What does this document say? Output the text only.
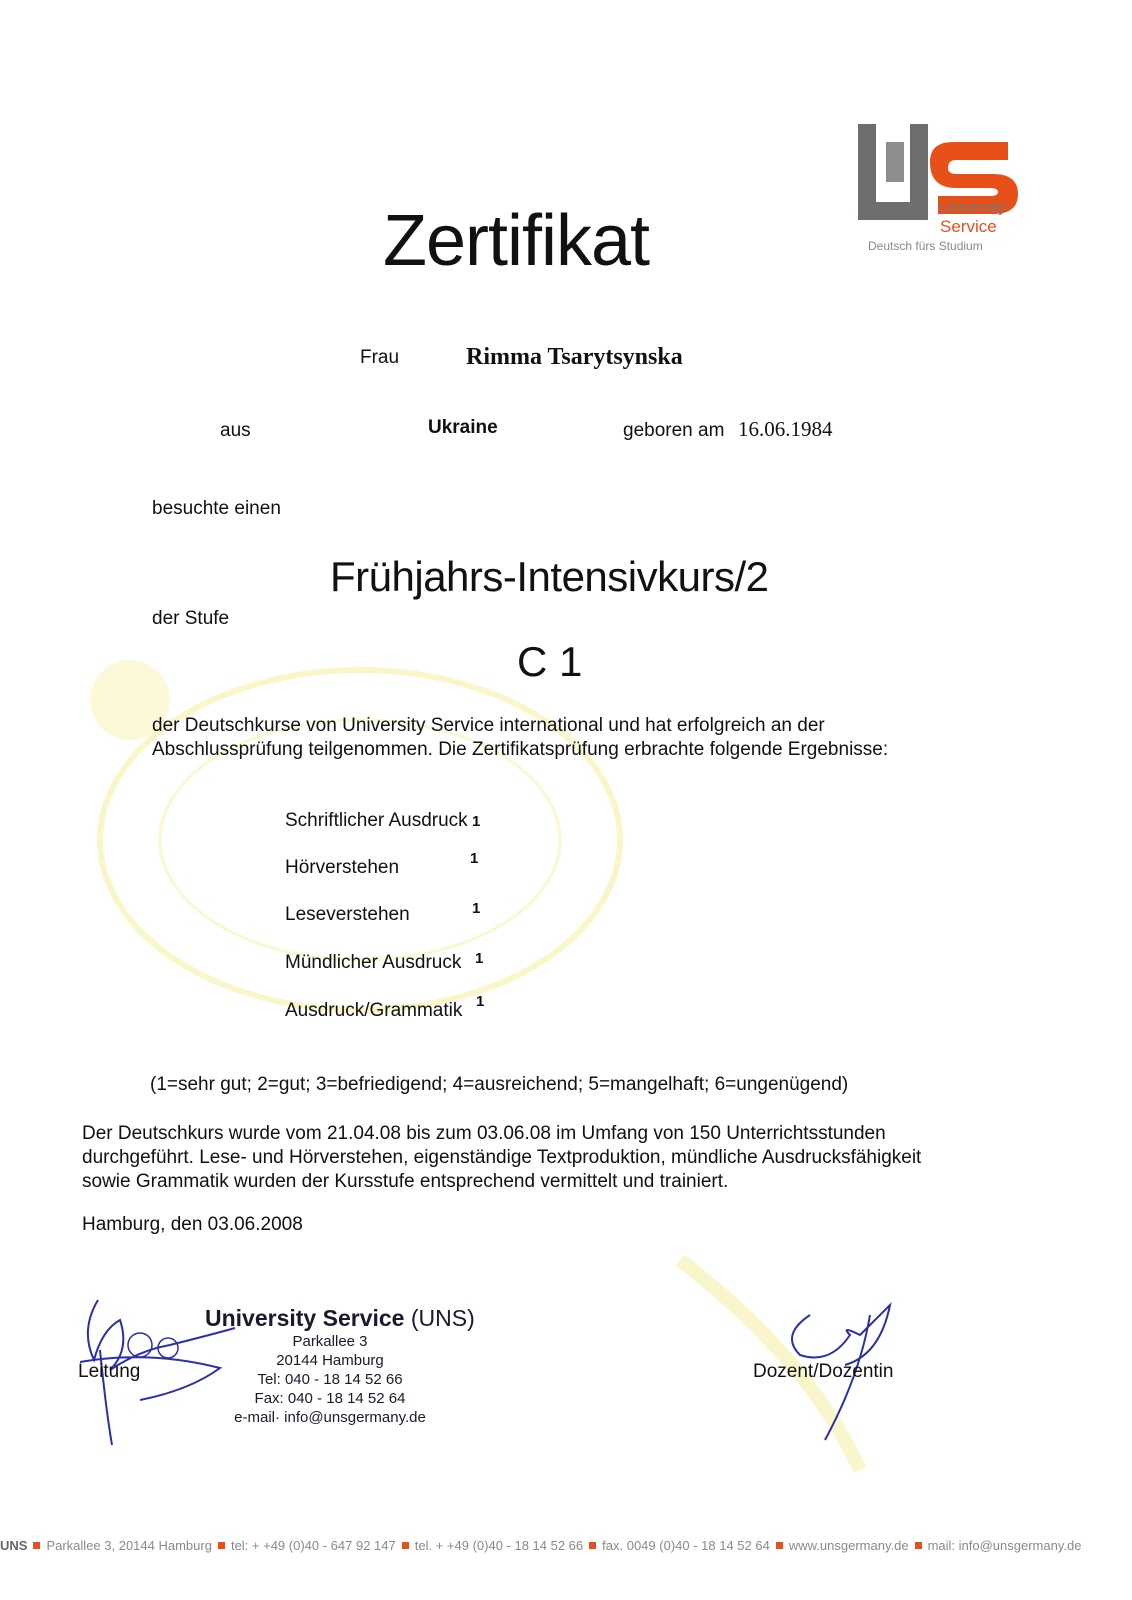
University
Service
Deutsch fürs Studium
Zertifikat
Frau	Rimma Tsarytsynska
aus	Ukraine	geboren am 16.06.1984
besuchte einen
Frühjahrs-Intensivkurs/2
der Stufe
C 1
der Deutschkurse von University Service international und hat erfolgreich an der Abschlussprüfung teilgenommen. Die Zertifikatsprüfung erbrachte folgende Ergebnisse:
Schriftlicher Ausdruck 1
Hörverstehen	1
Leseverstehen	1
Mündlicher Ausdruck 1
Ausdruck/Grammatik 1
(1=sehr gut; 2=gut; 3=befriedigend; 4=ausreichend; 5=mangelhaft; 6=ungenügend)
Der Deutschkurs wurde vom 21.04.08 bis zum 03.06.08 im Umfang von 150 Unterrichtsstunden durchgeführt. Lese- und Hörverstehen, eigenständige Textproduktion, mündliche Ausdrucksfähigkeit sowie Grammatik wurden der Kursstufe entsprechend vermittelt und trainiert.
Hamburg, den 03.06.2008
Leitung
University Service (UNS)
Parkallee 3
20144 Hamburg
Tel: 040 - 18 14 52 66
Fax: 040 - 18 14 52 64
e-mail· info@unsgermany.de
Dozent/Dozentin
UNS Parkallee 3, 20144 Hamburg tel: + +49 (0)40 - 647 92 147 tel. + +49 (0)40 - 18 14 52 66 fax. 0049 (0)40 - 18 14 52 64 www.unsgermany.de mail: info@unsgermany.de
